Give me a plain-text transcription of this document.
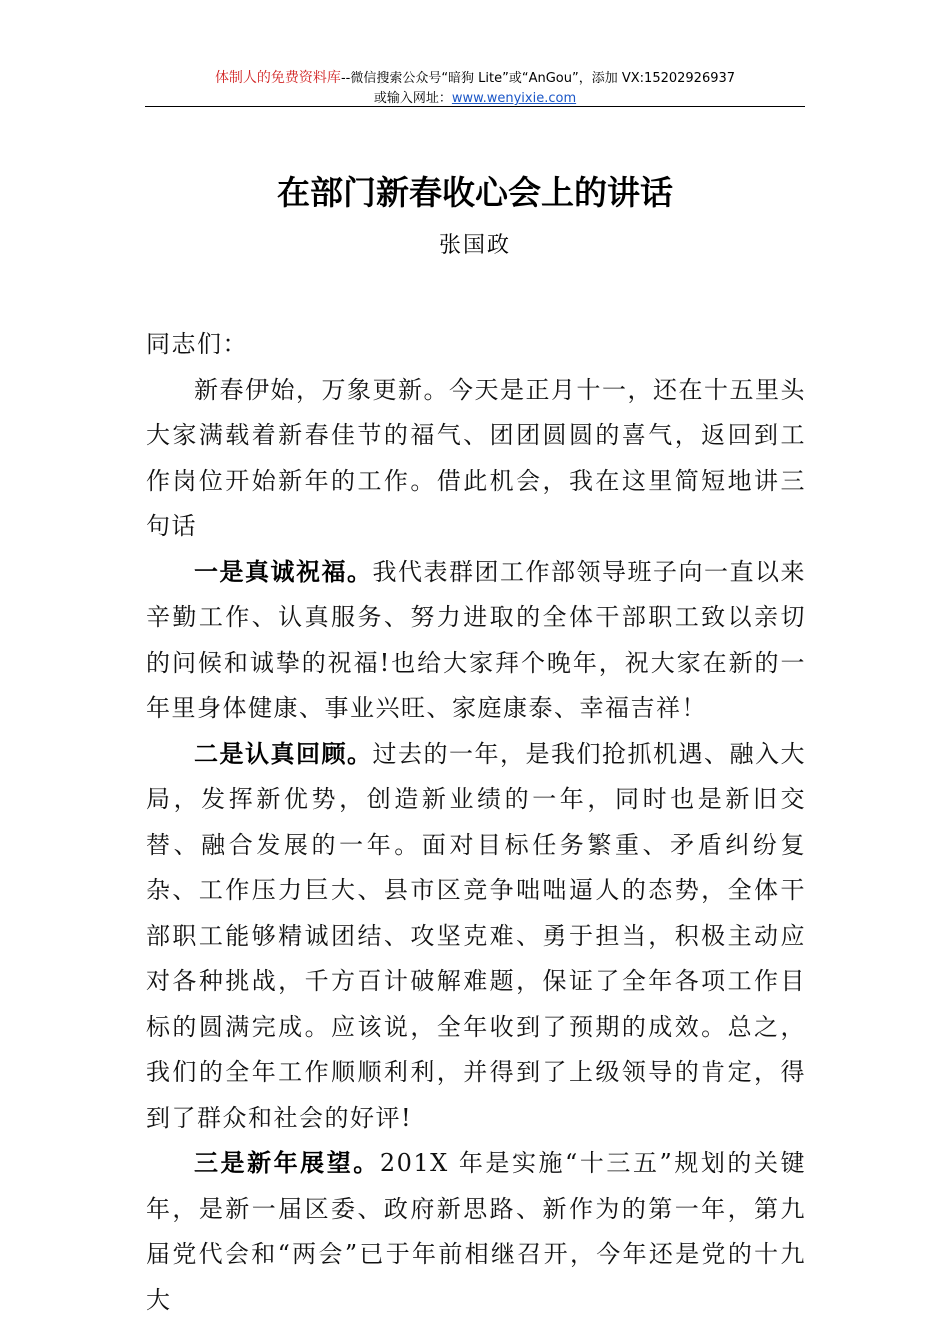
体制人的免费资料库--微信搜索公众号“暗狗 Lite”或“AnGou”，添加 VX:15202926937
或输入网址：www.wenyixie.com
在部门新春收心会上的讲话
张国政

同志们：

新春伊始，万象更新。今天是正月十一，还在十五里头大家满载着新春佳节的福气、团团圆圆的喜气，返回到工作岗位开始新年的工作。借此机会，我在这里简短地讲三句话

一是真诚祝福。我代表群团工作部领导班子向一直以来辛勤工作、认真服务、努力进取的全体干部职工致以亲切的问候和诚挚的祝福!也给大家拜个晚年，祝大家在新的一年里身体健康、事业兴旺、家庭康泰、幸福吉祥！

二是认真回顾。过去的一年，是我们抢抓机遇、融入大局，发挥新优势，创造新业绩的一年，同时也是新旧交替、融合发展的一年。面对目标任务繁重、矛盾纠纷复杂、工作压力巨大、县市区竞争咄咄逼人的态势，全体干部职工能够精诚团结、攻坚克难、勇于担当，积极主动应对各种挑战，千方百计破解难题，保证了全年各项工作目标的圆满完成。应该说，全年收到了预期的成效。总之，我们的全年工作顺顺利利，并得到了上级领导的肯定，得到了群众和社会的好评!

三是新年展望。201X 年是实施“十三五”规划的关键年，是新一届区委、政府新思路、新作为的第一年，第九届党代会和“两会”已于年前相继召开，今年还是党的十九大
